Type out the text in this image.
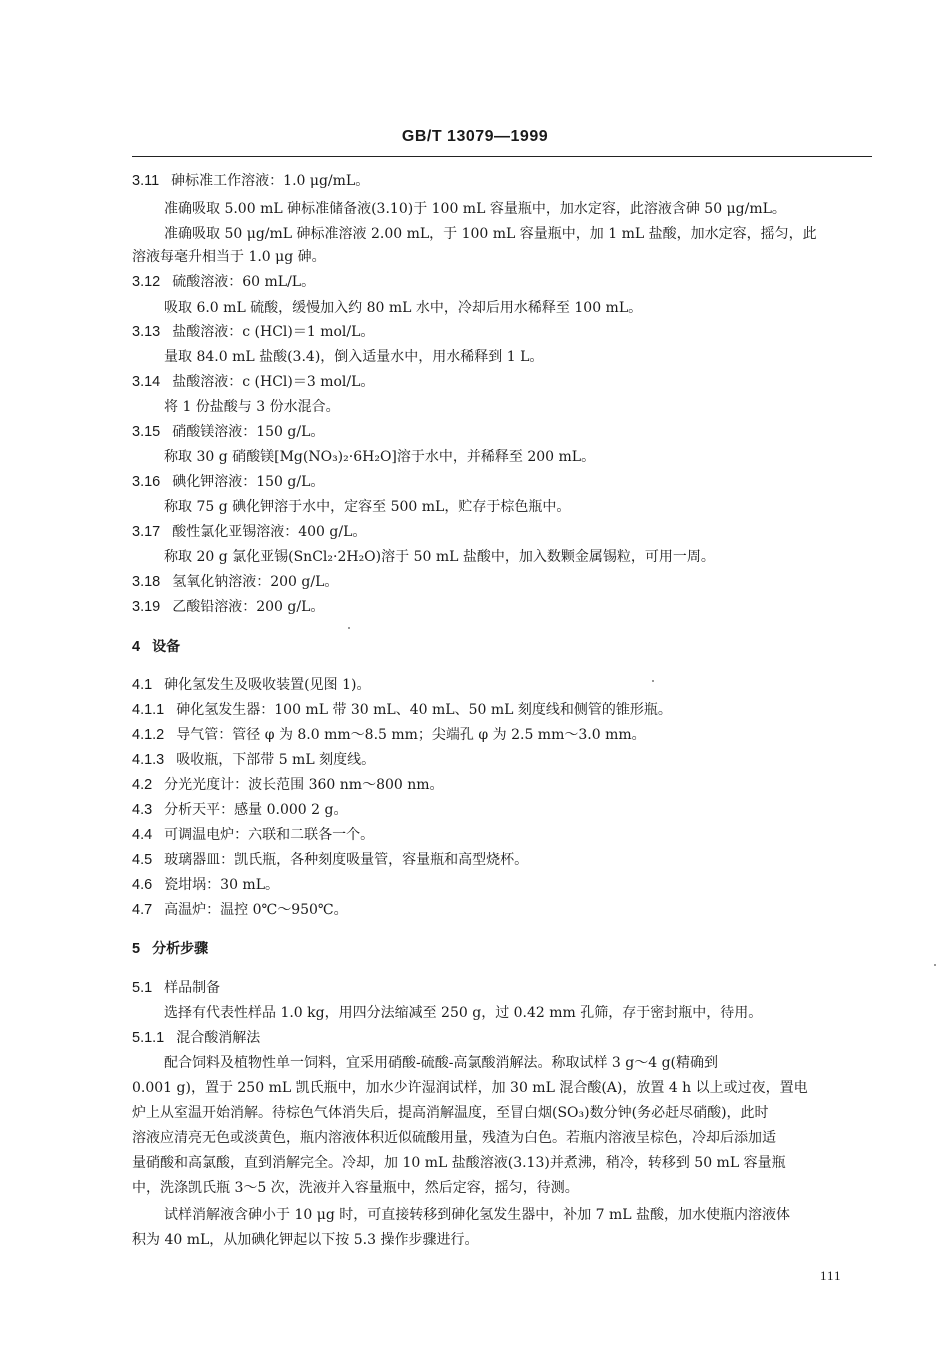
GB/T 13079—1999
3.11 砷标准工作溶液：1.0 μg/mL。
准确吸取 5.00 mL 砷标准储备液(3.10)于 100 mL 容量瓶中，加水定容，此溶液含砷 50 μg/mL。
准确吸取 50 μg/mL 砷标准溶液 2.00 mL，于 100 mL 容量瓶中，加 1 mL 盐酸，加水定容，摇匀，此
溶液每毫升相当于 1.0 μg 砷。
3.12 硫酸溶液：60 mL/L。
吸取 6.0 mL 硫酸，缓慢加入约 80 mL 水中，冷却后用水稀释至 100 mL。
3.13 盐酸溶液：c (HCl)＝1 mol/L。
量取 84.0 mL 盐酸(3.4)，倒入适量水中，用水稀释到 1 L。
3.14 盐酸溶液：c (HCl)＝3 mol/L。
将 1 份盐酸与 3 份水混合。
3.15 硝酸镁溶液：150 g/L。
称取 30 g 硝酸镁[Mg(NO₃)₂·6H₂O]溶于水中，并稀释至 200 mL。
3.16 碘化钾溶液：150 g/L。
称取 75 g 碘化钾溶于水中，定容至 500 mL，贮存于棕色瓶中。
3.17 酸性氯化亚锡溶液：400 g/L。
称取 20 g 氯化亚锡(SnCl₂·2H₂O)溶于 50 mL 盐酸中，加入数颗金属锡粒，可用一周。
3.18 氢氧化钠溶液：200 g/L。
3.19 乙酸铅溶液：200 g/L。
4 设备
4.1 砷化氢发生及吸收装置(见图 1)。
4.1.1 砷化氢发生器：100 mL 带 30 mL、40 mL、50 mL 刻度线和侧管的锥形瓶。
4.1.2 导气管：管径 φ 为 8.0 mm～8.5 mm；尖端孔 φ 为 2.5 mm～3.0 mm。
4.1.3 吸收瓶，下部带 5 mL 刻度线。
4.2 分光光度计：波长范围 360 nm～800 nm。
4.3 分析天平：感量 0.000 2 g。
4.4 可调温电炉：六联和二联各一个。
4.5 玻璃器皿：凯氏瓶，各种刻度吸量管，容量瓶和高型烧杯。
4.6 瓷坩埚：30 mL。
4.7 高温炉：温控 0℃～950℃。
5 分析步骤
5.1 样品制备
选择有代表性样品 1.0 kg，用四分法缩减至 250 g，过 0.42 mm 孔筛，存于密封瓶中，待用。
5.1.1 混合酸消解法
配合饲料及植物性单一饲料，宜采用硝酸-硫酸-高氯酸消解法。称取试样 3 g～4 g(精确到
0.001 g)，置于 250 mL 凯氏瓶中，加水少许湿润试样，加 30 mL 混合酸(A)，放置 4 h 以上或过夜，置电
炉上从室温开始消解。待棕色气体消失后，提高消解温度，至冒白烟(SO₃)数分钟(务必赶尽硝酸)，此时
溶液应清亮无色或淡黄色，瓶内溶液体积近似硫酸用量，残渣为白色。若瓶内溶液呈棕色，冷却后添加适
量硝酸和高氯酸，直到消解完全。冷却，加 10 mL 盐酸溶液(3.13)并煮沸，稍冷，转移到 50 mL 容量瓶
中，洗涤凯氏瓶 3～5 次，洗液并入容量瓶中，然后定容，摇匀，待测。
试样消解液含砷小于 10 μg 时，可直接转移到砷化氢发生器中，补加 7 mL 盐酸，加水使瓶内溶液体
积为 40 mL，从加碘化钾起以下按 5.3 操作步骤进行。
111
